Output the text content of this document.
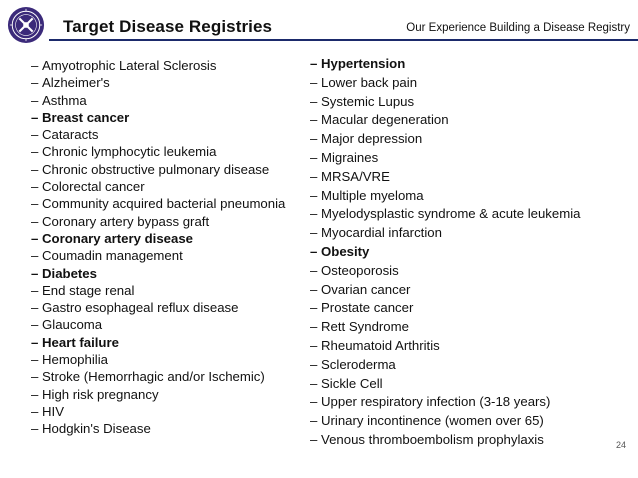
Target Disease Registries	Our Experience Building a Disease Registry
– Amyotrophic Lateral Sclerosis
– Alzheimer's
– Asthma
– Breast cancer
– Cataracts
– Chronic lymphocytic leukemia
– Chronic obstructive pulmonary disease
– Colorectal cancer
– Community acquired bacterial pneumonia
– Coronary artery bypass graft
– Coronary artery disease
– Coumadin management
– Diabetes
– End stage renal
– Gastro esophageal reflux disease
– Glaucoma
– Heart failure
– Hemophilia
– Stroke (Hemorrhagic and/or Ischemic)
– High risk pregnancy
– HIV
– Hodgkin's Disease
– Hypertension
– Lower back pain
– Systemic Lupus
– Macular degeneration
– Major depression
– Migraines
– MRSA/VRE
– Multiple myeloma
– Myelodysplastic syndrome & acute leukemia
– Myocardial infarction
– Obesity
– Osteoporosis
– Ovarian cancer
– Prostate cancer
– Rett Syndrome
– Rheumatoid Arthritis
– Scleroderma
– Sickle Cell
– Upper respiratory infection (3-18 years)
– Urinary incontinence (women over 65)
– Venous thromboembolism prophylaxis	24
